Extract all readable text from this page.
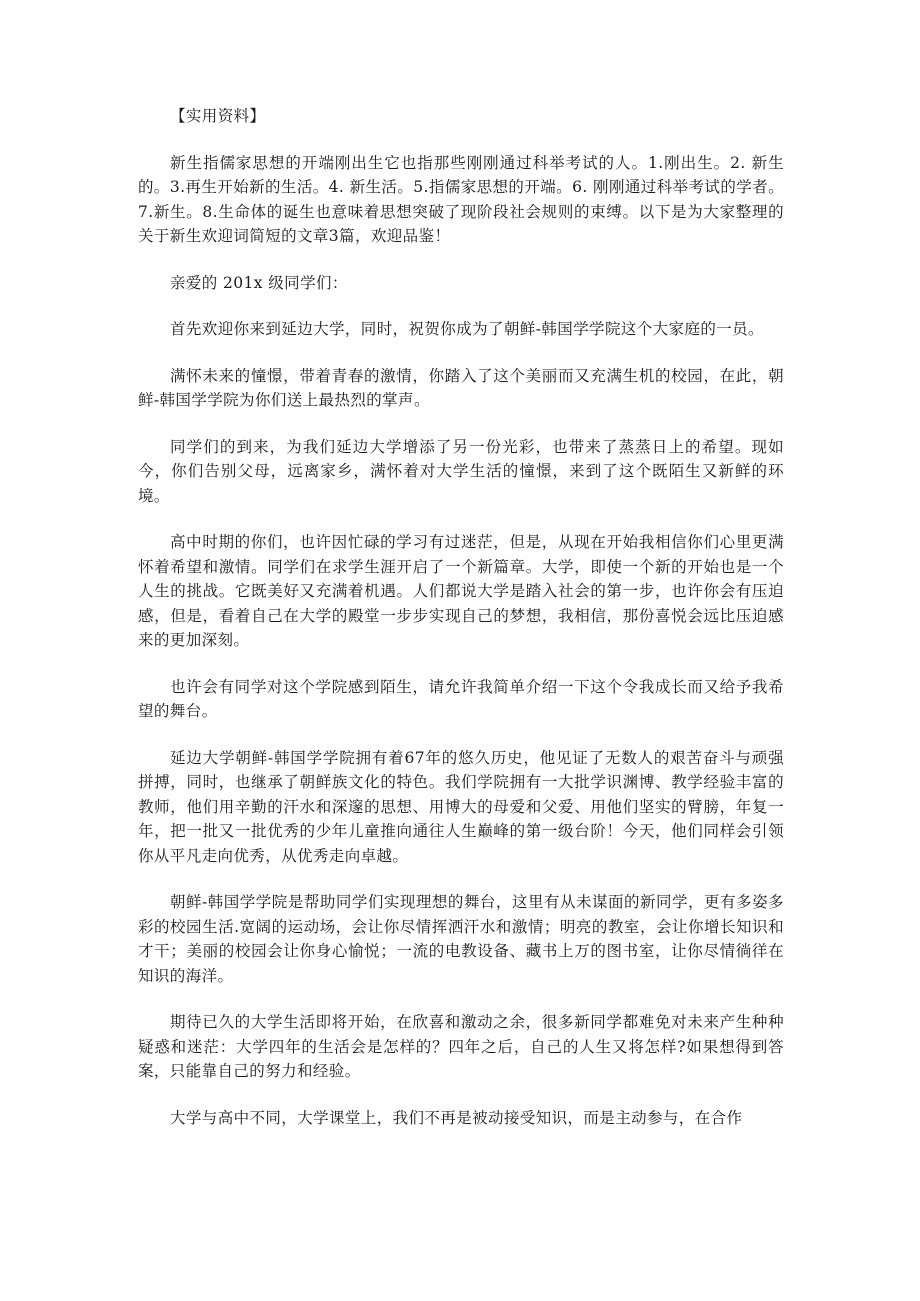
【实用资料】

新生指儒家思想的开端刚出生它也指那些刚刚通过科举考试的人。1.刚出生。2. 新生的。3.再生开始新的生活。4. 新生活。5.指儒家思想的开端。6. 刚刚通过科举考试的学者。7.新生。8.生命体的诞生也意味着思想突破了现阶段社会规则的束缚。以下是为大家整理的关于新生欢迎词简短的文章3篇，欢迎品鉴！

亲爱的 201x 级同学们：

首先欢迎你来到延边大学，同时，祝贺你成为了朝鲜-韩国学学院这个大家庭的一员。

满怀未来的憧憬，带着青春的激情，你踏入了这个美丽而又充满生机的校园，在此，朝鲜-韩国学学院为你们送上最热烈的掌声。

同学们的到来，为我们延边大学增添了另一份光彩，也带来了蒸蒸日上的希望。现如今，你们告别父母，远离家乡，满怀着对大学生活的憧憬，来到了这个既陌生又新鲜的环境。

高中时期的你们，也许因忙碌的学习有过迷茫，但是，从现在开始我相信你们心里更满怀着希望和激情。同学们在求学生涯开启了一个新篇章。大学，即使一个新的开始也是一个人生的挑战。它既美好又充满着机遇。人们都说大学是踏入社会的第一步，也许你会有压迫感，但是，看着自己在大学的殿堂一步步实现自己的梦想，我相信，那份喜悦会远比压迫感来的更加深刻。

也许会有同学对这个学院感到陌生，请允许我简单介绍一下这个令我成长而又给予我希望的舞台。

延边大学朝鲜-韩国学学院拥有着67年的悠久历史，他见证了无数人的艰苦奋斗与顽强拼搏，同时，也继承了朝鲜族文化的特色。我们学院拥有一大批学识渊博、教学经验丰富的教师，他们用辛勤的汗水和深邃的思想、用博大的母爱和父爱、用他们坚实的臂膀，年复一年，把一批又一批优秀的少年儿童推向通往人生巅峰的第一级台阶！今天，他们同样会引领你从平凡走向优秀，从优秀走向卓越。

朝鲜-韩国学学院是帮助同学们实现理想的舞台，这里有从未谋面的新同学，更有多姿多彩的校园生活.宽阔的运动场，会让你尽情挥洒汗水和激情；明亮的教室，会让你增长知识和才干；美丽的校园会让你身心愉悦；一流的电教设备、藏书上万的图书室，让你尽情徜徉在知识的海洋。

期待已久的大学生活即将开始，在欣喜和激动之余，很多新同学都难免对未来产生种种疑惑和迷茫：大学四年的生活会是怎样的？四年之后，自己的人生又将怎样?如果想得到答案，只能靠自己的努力和经验。

大学与高中不同，大学课堂上，我们不再是被动接受知识，而是主动参与，在合作
